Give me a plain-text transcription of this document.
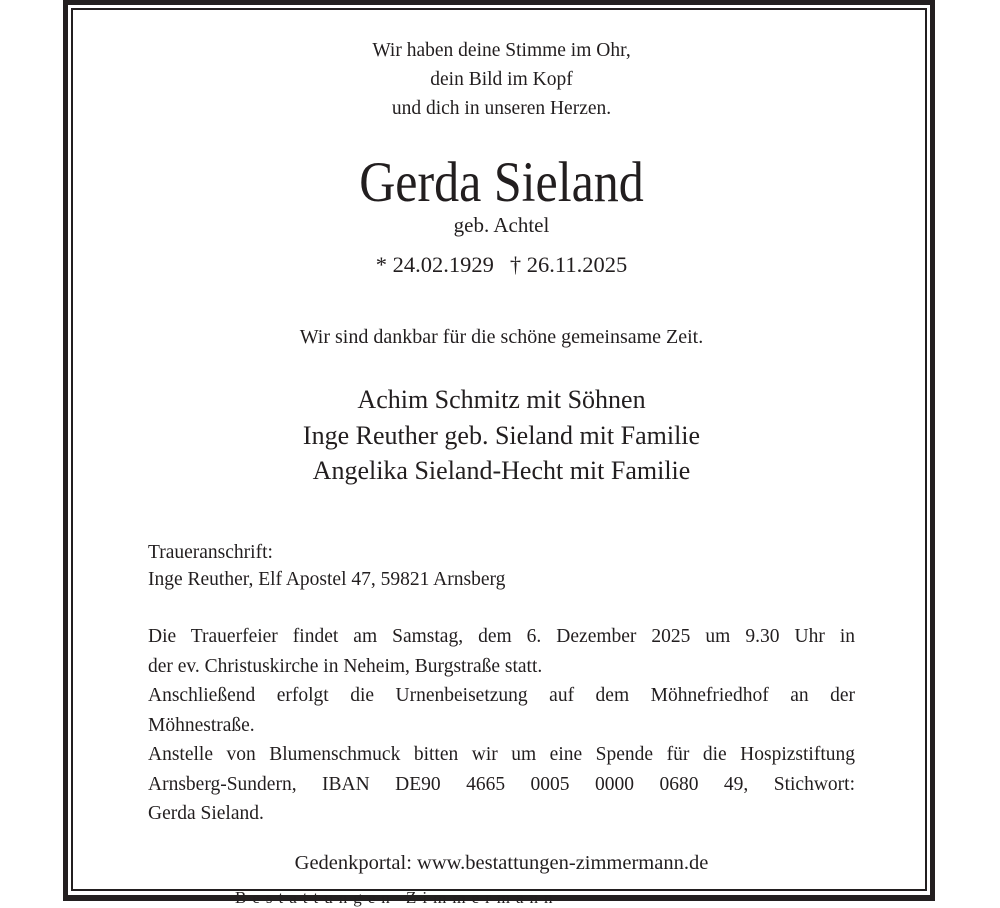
Wir haben deine Stimme im Ohr,
dein Bild im Kopf
und dich in unseren Herzen.
Gerda Sieland
geb. Achtel
* 24.02.1929 † 26.11.2025
Wir sind dankbar für die schöne gemeinsame Zeit.
Achim Schmitz mit Söhnen
Inge Reuther geb. Sieland mit Familie
Angelika Sieland-Hecht mit Familie
Traueranschrift:
Inge Reuther, Elf Apostel 47, 59821 Arnsberg
Die Trauerfeier findet am Samstag, dem 6. Dezember 2025 um 9.30 Uhr in
der ev. Christuskirche in Neheim, Burgstraße statt.
Anschließend erfolgt die Urnenbeisetzung auf dem Möhnefriedhof an der
Möhnestraße.
Anstelle von Blumenschmuck bitten wir um eine Spende für die Hospizstiftung
Arnsberg-Sundern, IBAN DE90 4665 0005 0000 0680 49, Stichwort:
Gerda Sieland.
Gedenkportal: www.bestattungen-zimmermann.de
Bestattungen Zimmermann
